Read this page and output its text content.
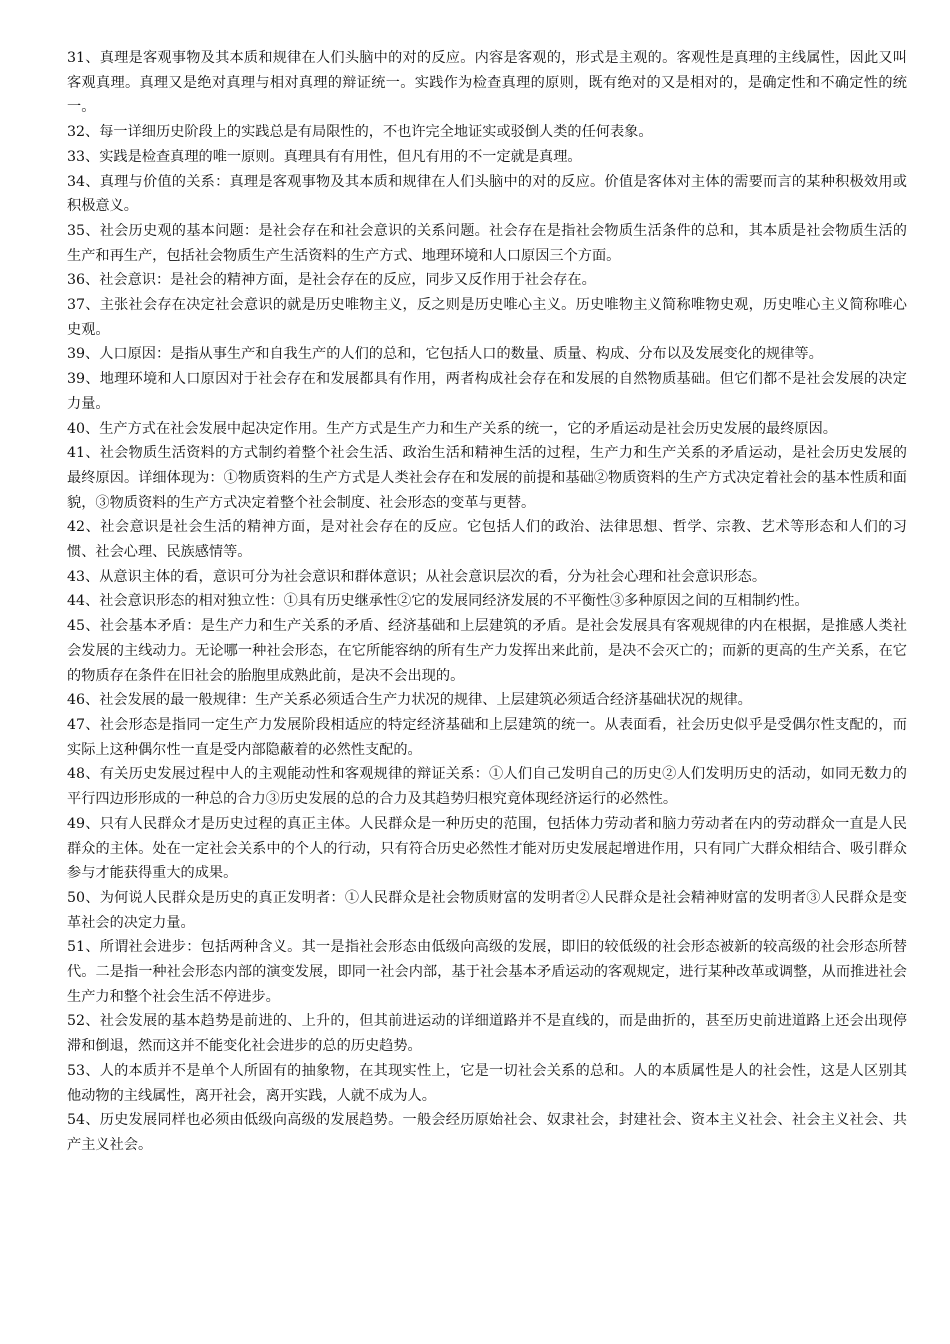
31、真理是客观事物及其本质和规律在人们头脑中的对的反应。内容是客观的，形式是主观的。客观性是真理的主线属性，因此又叫客观真理。真理又是绝对真理与相对真理的辩证统一。实践作为检查真理的原则，既有绝对的又是相对的，是确定性和不确定性的统一。

32、每一详细历史阶段上的实践总是有局限性的，不也许完全地证实或驳倒人类的任何表象。

33、实践是检查真理的唯一原则。真理具有有用性，但凡有用的不一定就是真理。

34、真理与价值的关系：真理是客观事物及其本质和规律在人们头脑中的对的反应。价值是客体对主体的需要而言的某种积极效用或积极意义。

35、社会历史观的基本问题：是社会存在和社会意识的关系问题。社会存在是指社会物质生活条件的总和，其本质是社会物质生活的生产和再生产，包括社会物质生产生活资料的生产方式、地理环境和人口原因三个方面。

36、社会意识：是社会的精神方面，是社会存在的反应，同步又反作用于社会存在。

37、主张社会存在决定社会意识的就是历史唯物主义，反之则是历史唯心主义。历史唯物主义简称唯物史观，历史唯心主义简称唯心史观。

39、人口原因：是指从事生产和自我生产的人们的总和，它包括人口的数量、质量、构成、分布以及发展变化的规律等。

39、地理环境和人口原因对于社会存在和发展都具有作用，两者构成社会存在和发展的自然物质基础。但它们都不是社会发展的决定力量。

40、生产方式在社会发展中起决定作用。生产方式是生产力和生产关系的统一，它的矛盾运动是社会历史发展的最终原因。

41、社会物质生活资料的方式制约着整个社会生活、政治生活和精神生活的过程，生产力和生产关系的矛盾运动，是社会历史发展的最终原因。详细体现为：①物质资料的生产方式是人类社会存在和发展的前提和基础②物质资料的生产方式决定着社会的基本性质和面貌，③物质资料的生产方式决定着整个社会制度、社会形态的变革与更替。

42、社会意识是社会生活的精神方面，是对社会存在的反应。它包括人们的政治、法律思想、哲学、宗教、艺术等形态和人们的习惯、社会心理、民族感情等。

43、从意识主体的看，意识可分为社会意识和群体意识；从社会意识层次的看，分为社会心理和社会意识形态。

44、社会意识形态的相对独立性：①具有历史继承性②它的发展同经济发展的不平衡性③多种原因之间的互相制约性。

45、社会基本矛盾：是生产力和生产关系的矛盾、经济基础和上层建筑的矛盾。是社会发展具有客观规律的内在根据，是推感人类社会发展的主线动力。无论哪一种社会形态，在它所能容纳的所有生产力发挥出来此前，是决不会灭亡的；而新的更高的生产关系，在它的物质存在条件在旧社会的胎胞里成熟此前，是决不会出现的。

46、社会发展的最一般规律：生产关系必须适合生产力状况的规律、上层建筑必须适合经济基础状况的规律。

47、社会形态是指同一定生产力发展阶段相适应的特定经济基础和上层建筑的统一。从表面看，社会历史似乎是受偶尔性支配的，而实际上这种偶尔性一直是受内部隐蔽着的必然性支配的。

48、有关历史发展过程中人的主观能动性和客观规律的辩证关系：①人们自己发明自己的历史②人们发明历史的活动，如同无数力的平行四边形形成的一种总的合力③历史发展的总的合力及其趋势归根究竟体现经济运行的必然性。

49、只有人民群众才是历史过程的真正主体。人民群众是一种历史的范围，包括体力劳动者和脑力劳动者在内的劳动群众一直是人民群众的主体。处在一定社会关系中的个人的行动，只有符合历史必然性才能对历史发展起增进作用，只有同广大群众相结合、吸引群众参与才能获得重大的成果。

50、为何说人民群众是历史的真正发明者：①人民群众是社会物质财富的发明者②人民群众是社会精神财富的发明者③人民群众是变革社会的决定力量。

51、所谓社会进步：包括两种含义。其一是指社会形态由低级向高级的发展，即旧的较低级的社会形态被新的较高级的社会形态所替代。二是指一种社会形态内部的演变发展，即同一社会内部，基于社会基本矛盾运动的客观规定，进行某种改革或调整，从而推进社会生产力和整个社会生活不停进步。

52、社会发展的基本趋势是前进的、上升的，但其前进运动的详细道路并不是直线的，而是曲折的，甚至历史前进道路上还会出现停滞和倒退，然而这并不能变化社会进步的总的历史趋势。

53、人的本质并不是单个人所固有的抽象物，在其现实性上，它是一切社会关系的总和。人的本质属性是人的社会性，这是人区别其他动物的主线属性，离开社会，离开实践，人就不成为人。

54、历史发展同样也必须由低级向高级的发展趋势。一般会经历原始社会、奴隶社会，封建社会、资本主义社会、社会主义社会、共产主义社会。
